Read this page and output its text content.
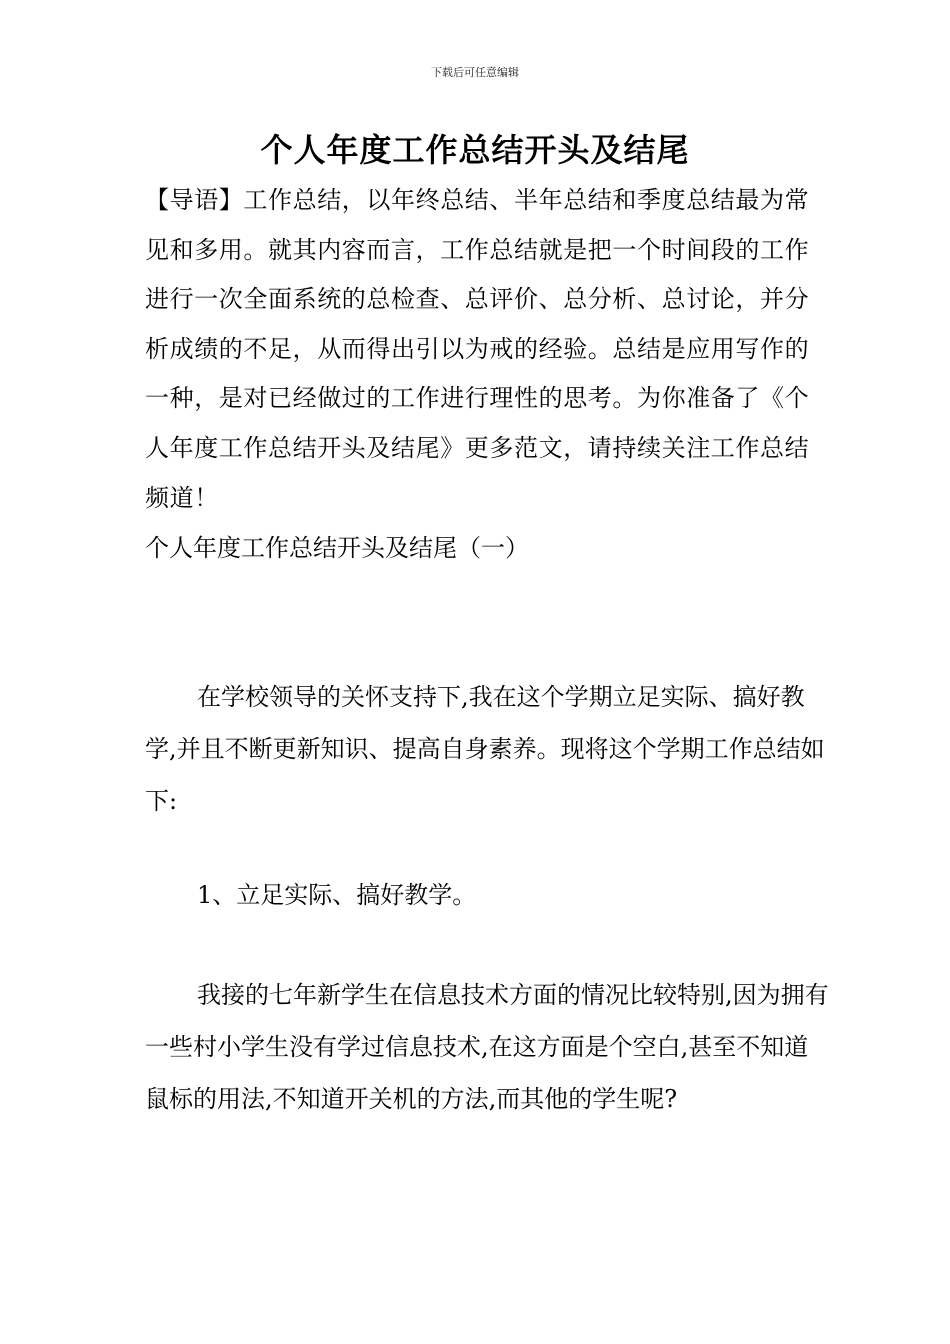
下载后可任意编辑
个人年度工作总结开头及结尾

【导语】工作总结，以年终总结、半年总结和季度总结最为常见和多用。就其内容而言，工作总结就是把一个时间段的工作进行一次全面系统的总检查、总评价、总分析、总讨论，并分析成绩的不足，从而得出引以为戒的经验。总结是应用写作的一种，是对已经做过的工作进行理性的思考。为你准备了《个人年度工作总结开头及结尾》更多范文，请持续关注工作总结频道！

个人年度工作总结开头及结尾（一）

在学校领导的关怀支持下,我在这个学期立足实际、搞好教学,并且不断更新知识、提高自身素养。现将这个学期工作总结如下:

1、立足实际、搞好教学。

我接的七年新学生在信息技术方面的情况比较特别,因为拥有一些村小学生没有学过信息技术,在这方面是个空白,甚至不知道鼠标的用法,不知道开关机的方法,而其他的学生呢?
